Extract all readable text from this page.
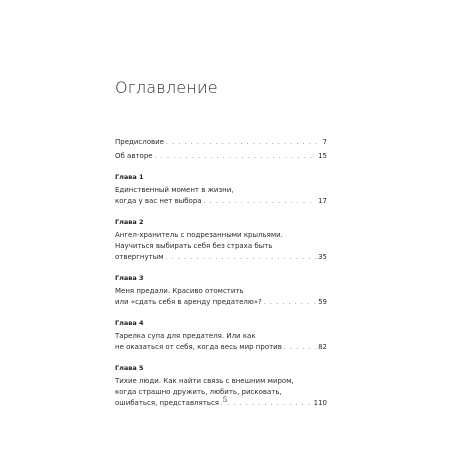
Оглавление
Предисловие . . .	7
Об авторе . . .	15
Глава 1
Единственный момент в жизни,
когда у вас нет выбора . . .	17
Глава 2
Ангел-хранитель с подрезанными крыльями.
Научиться выбирать себя без страха быть
отвергнутым . . .	35
Глава 3
Меня предали. Красиво отомстить
или «сдать себя в аренду предателю»? . . .	59
Глава 4
Тарелка супа для предателя. Или как
не оказаться от себя, когда весь мир против . . .	82
Глава 5
Тихие люди. Как найти связь с внешним миром,
когда страшно дружить, любить, рисковать,
ошибаться, представляться . . .	110
5
